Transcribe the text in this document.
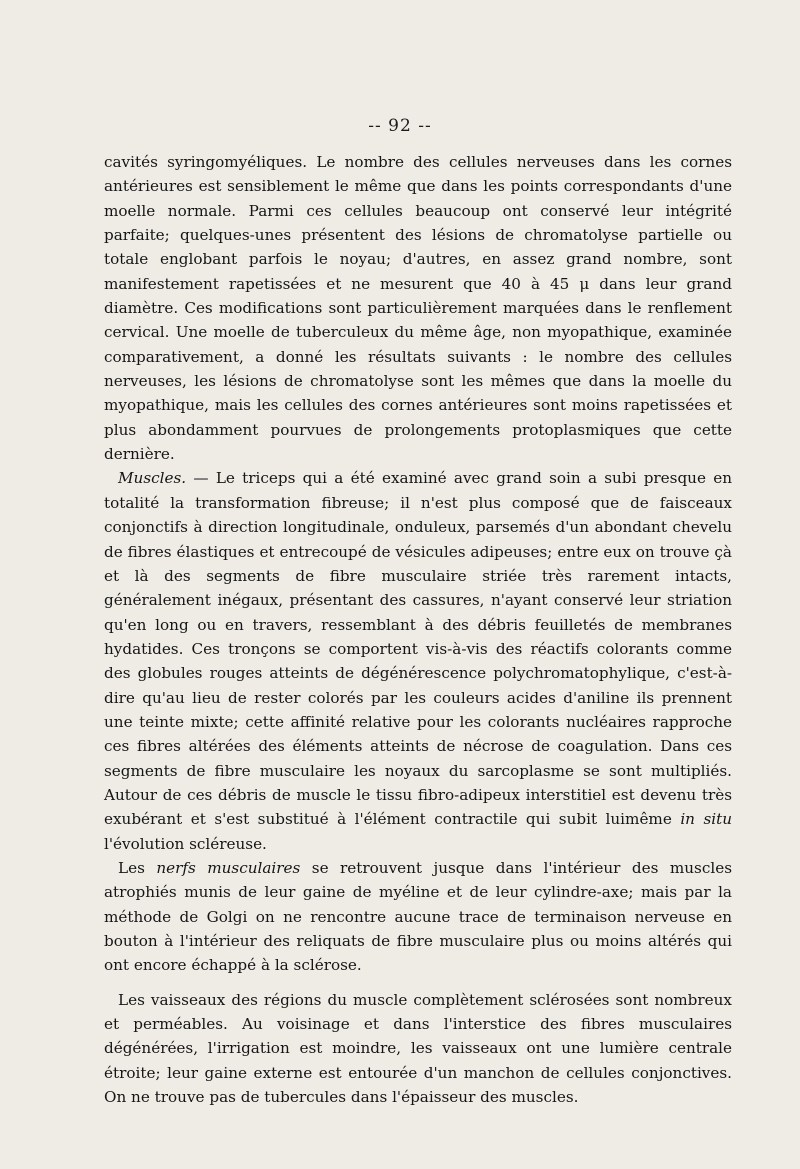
-- 92 --

cavités syringomyéliques. Le nombre des cellules nerveuses dans les cornes antérieures est sensiblement le même que dans les points correspondants d'une moelle normale. Parmi ces cellules beaucoup ont conservé leur intégrité parfaite; quelques-unes présentent des lésions de chromatolyse partielle ou totale englobant parfois le noyau; d'autres, en assez grand nombre, sont manifestement rapetissées et ne mesurent que 40 à 45 μ dans leur grand diamètre. Ces modifications sont particulièrement marquées dans le renflement cervical. Une moelle de tuberculeux du même âge, non myopathique, examinée comparativement, a donné les résultats suivants : le nombre des cellules nerveuses, les lésions de chromatolyse sont les mêmes que dans la moelle du myopathique, mais les cellules des cornes antérieures sont moins rapetissées et plus abondamment pourvues de prolongements protoplasmiques que cette dernière.

Muscles. — Le triceps qui a été examiné avec grand soin a subi presque en totalité la transformation fibreuse; il n'est plus composé que de faisceaux conjonctifs à direction longitudinale, onduleux, parsemés d'un abondant chevelu de fibres élastiques et entrecoupé de vésicules adipeuses; entre eux on trouve çà et là des segments de fibre musculaire striée très rarement intacts, généralement inégaux, présentant des cassures, n'ayant conservé leur striation qu'en long ou en travers, ressemblant à des débris feuilletés de membranes hydatides. Ces tronçons se comportent vis-à-vis des réactifs colorants comme des globules rouges atteints de dégénérescence polychromatophylique, c'est-à-dire qu'au lieu de rester colorés par les couleurs acides d'aniline ils prennent une teinte mixte; cette affinité relative pour les colorants nucléaires rapproche ces fibres altérées des éléments atteints de nécrose de coagulation. Dans ces segments de fibre musculaire les noyaux du sarcoplasme se sont multipliés. Autour de ces débris de muscle le tissu fibro-adipeux interstitiel est devenu très exubérant et s'est substitué à l'élément contractile qui subit luimême in situ l'évolution scléreuse.

Les nerfs musculaires se retrouvent jusque dans l'intérieur des muscles atrophiés munis de leur gaine de myéline et de leur cylindre-axe; mais par la méthode de Golgi on ne rencontre aucune trace de terminaison nerveuse en bouton à l'intérieur des reliquats de fibre musculaire plus ou moins altérés qui ont encore échappé à la sclérose.

Les vaisseaux des régions du muscle complètement sclérosées sont nombreux et perméables. Au voisinage et dans l'interstice des fibres musculaires dégénérées, l'irrigation est moindre, les vaisseaux ont une lumière centrale étroite; leur gaine externe est entourée d'un manchon de cellules conjonctives. On ne trouve pas de tubercules dans l'épaisseur des muscles.
